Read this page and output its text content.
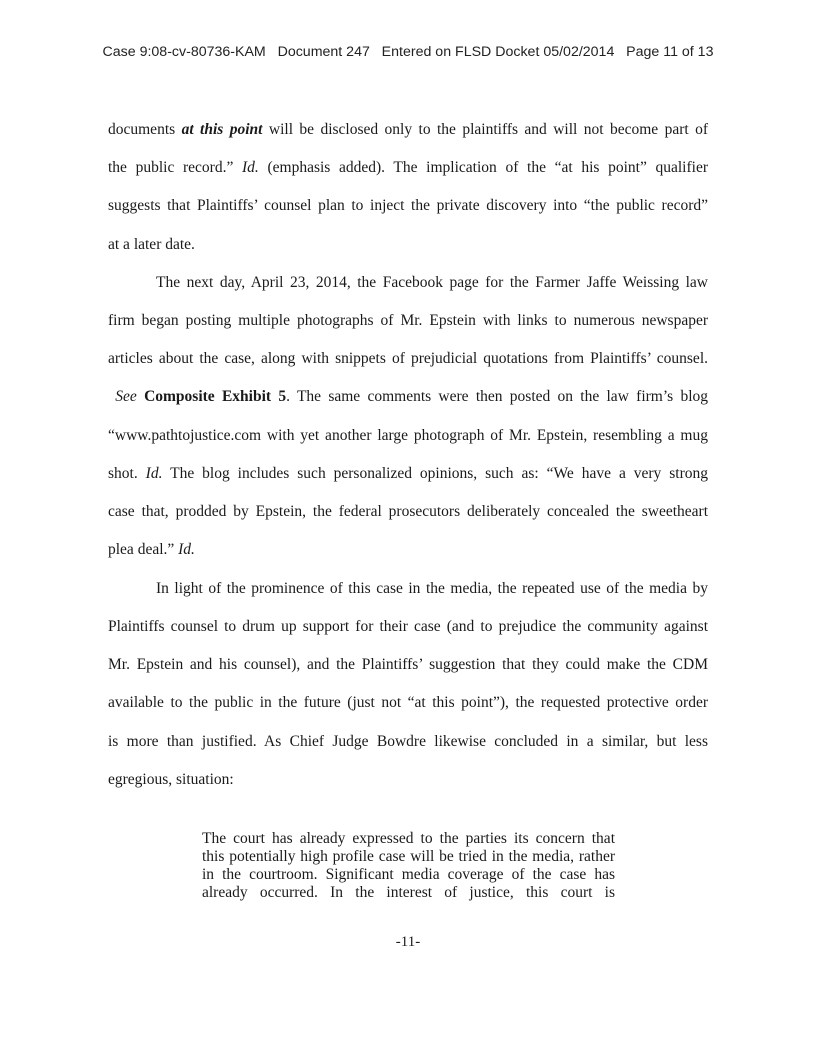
Case 9:08-cv-80736-KAM   Document 247   Entered on FLSD Docket 05/02/2014   Page 11 of 13
documents at this point will be disclosed only to the plaintiffs and will not become part of
the public record.” Id. (emphasis added). The implication of the “at his point” qualifier
suggests that Plaintiffs’ counsel plan to inject the private discovery into “the public record”
at a later date.
The next day, April 23, 2014, the Facebook page for the Farmer Jaffe Weissing law
firm began posting multiple photographs of Mr. Epstein with links to numerous newspaper
articles about the case, along with snippets of prejudicial quotations from Plaintiffs’ counsel.
See Composite Exhibit 5. The same comments were then posted on the law firm’s blog
“www.pathtojustice.com with yet another large photograph of Mr. Epstein, resembling a mug
shot. Id. The blog includes such personalized opinions, such as: “We have a very strong
case that, prodded by Epstein, the federal prosecutors deliberately concealed the sweetheart
plea deal.” Id.
In light of the prominence of this case in the media, the repeated use of the media by
Plaintiffs counsel to drum up support for their case (and to prejudice the community against
Mr. Epstein and his counsel), and the Plaintiffs’ suggestion that they could make the CDM
available to the public in the future (just not “at this point”), the requested protective order
is more than justified. As Chief Judge Bowdre likewise concluded in a similar, but less
egregious, situation:
The court has already expressed to the parties its concern that
this potentially high profile case will be tried in the media, rather
in the courtroom. Significant media coverage of the case has
already occurred. In the interest of justice, this court is
-11-
